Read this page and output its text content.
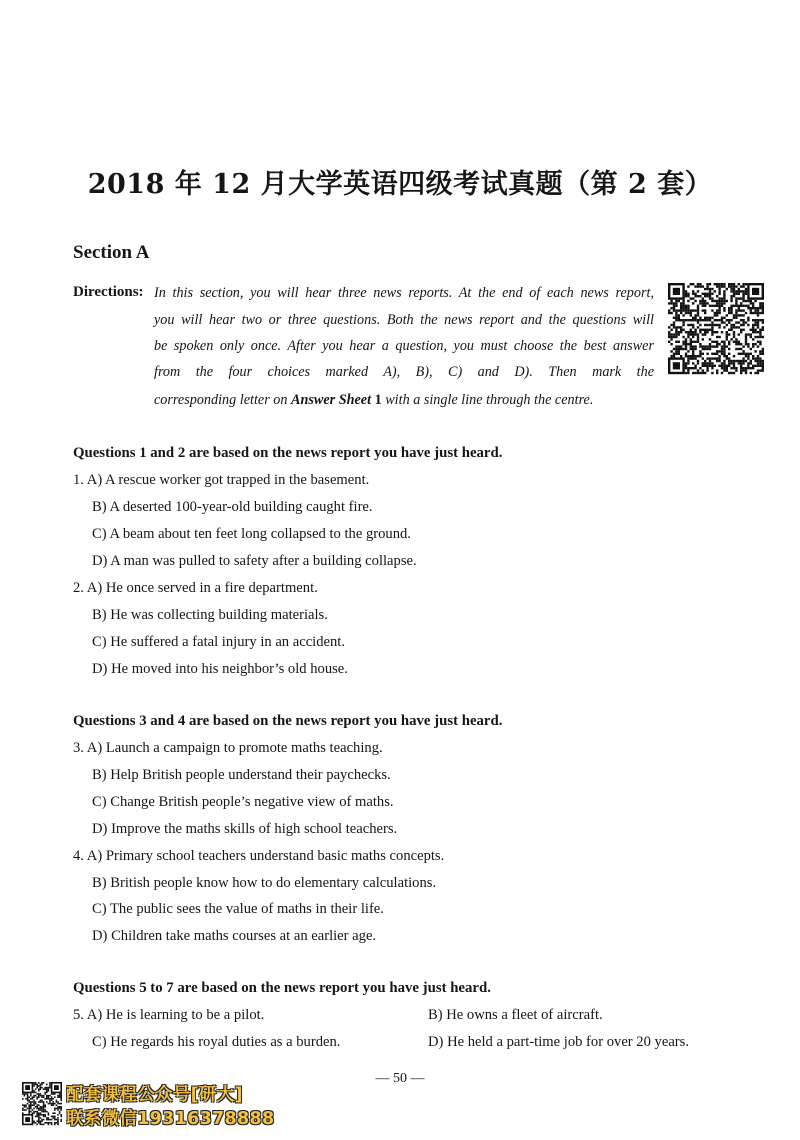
2018 年 12 月大学英语四级考试真题（第 2 套）
Section A
Directions: In this section, you will hear three news reports. At the end of each news report,
you will hear two or three questions. Both the news report and the questions will
be spoken only once. After you hear a question, you must choose the best answer
from the four choices marked A), B), C) and D). Then mark the
corresponding letter on Answer Sheet 1 with a single line through the centre.
Questions 1 and 2 are based on the news report you have just heard.
1. A) A rescue worker got trapped in the basement.
B) A deserted 100-year-old building caught fire.
C) A beam about ten feet long collapsed to the ground.
D) A man was pulled to safety after a building collapse.
2. A) He once served in a fire department.
B) He was collecting building materials.
C) He suffered a fatal injury in an accident.
D) He moved into his neighbor’s old house.
Questions 3 and 4 are based on the news report you have just heard.
3. A) Launch a campaign to promote maths teaching.
B) Help British people understand their paychecks.
C) Change British people’s negative view of maths.
D) Improve the maths skills of high school teachers.
4. A) Primary school teachers understand basic maths concepts.
B) British people know how to do elementary calculations.
C) The public sees the value of maths in their life.
D) Children take maths courses at an earlier age.
Questions 5 to 7 are based on the news report you have just heard.
5. A) He is learning to be a pilot.	B) He owns a fleet of aircraft.
C) He regards his royal duties as a burden.	D) He held a part-time job for over 20 years.
— 50 —
配套课程公众号[研大]
联系微信19316378888
